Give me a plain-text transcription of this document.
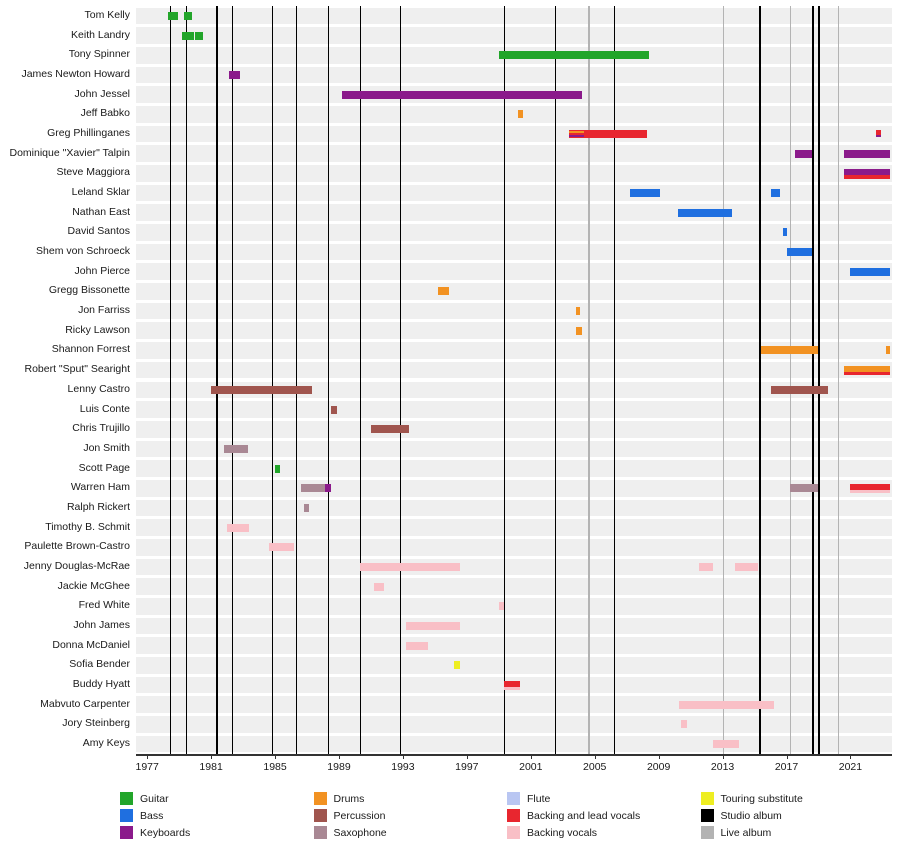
Tom Kelly
Keith Landry
Tony Spinner
James Newton Howard
John Jessel
Jeff Babko
Greg Phillinganes
Dominique "Xavier" Talpin
Steve Maggiora
Leland Sklar
Nathan East
David Santos
Shem von Schroeck
John Pierce
Gregg Bissonette
Jon Farriss
Ricky Lawson
Shannon Forrest
Robert "Sput" Searight
Lenny Castro
Luis Conte
Chris Trujillo
Jon Smith
Scott Page
Warren Ham
Ralph Rickert
Timothy B. Schmit
Paulette Brown-Castro
Jenny Douglas-McRae
Jackie McGhee
Fred White
John James
Donna McDaniel
Sofia Bender
Buddy Hyatt
Mabvuto Carpenter
Jory Steinberg
Amy Keys
1977	1981	1985	1989	1993	1997	2001	2005	2009	2013	2017	2021
Guitar
Bass
Keyboards
Drums
Percussion
Saxophone
Flute
Backing and lead vocals
Backing vocals
Touring substitute
Studio album
Live album
